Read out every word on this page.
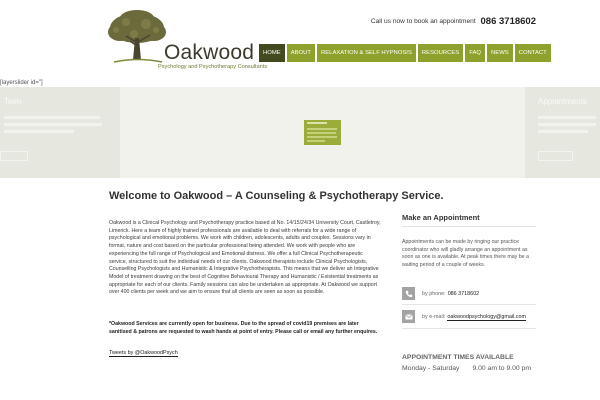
Oakwood
Psychology and Psychotherapy Consultants
Call us now to book an appointment 086 3718602
HOME	ABOUT	RELAXATION & SELF HYPNOSIS	RESOURCES	FAQ	NEWS	CONTACT
[layerslider id="]
Teen	Appointments
Welcome to Oakwood – A Counseling & Psychotherapy Service.

Oakwood is a Clinical Psychology and Psychotherapy practice based at No. 14/15/24/34 University Court, Castletroy, Limerick. Here a team of highly trained professionals are available to deal with referrals for a wide range of psychological and emotional problems. We work with children, adolescents, adults and couples. Sessions vary in format, nature and cost based on the particular professional being attended. We work with people who are experiencing the full range of Psychological and Emotional distress. We offer a full Clinical Psychotherapeutic service, structured to suit the individual needs of our clients. Oakwood therapists include Clinical Psychologists, Counselling Psychologists and Humanistic & Integrative Psychotherapists. This means that we deliver an Integrative Model of treatment drawing on the best of Cognitive Behavioural Therapy and Humanistic / Existential treatments as appropriate for each of our clients. Family sessions can also be undertaken as appropriate. At Oakwood we support over 400 clients per week and we aim to ensure that all clients are seen as soon as possible.

*Oakwood Services are currently open for business. Due to the spread of covid19 premises are later sanitised & patrons are requested to wash hands at point of entry. Please call or email any further enquires.

Tweets by @OakwoodPsych
Make an Appointment

Appointments can be made by ringing our practice coordinator who will gladly arrange an appointment as soon as one is available. At peak times there may be a waiting period of a couple of weeks.

by phone: 086 3718602
by e-mail: oakwoodpsychology@gmail.com
APPOINTMENT TIMES AVAILABLE
Monday - Saturday 9.00 am to 9.00 pm
